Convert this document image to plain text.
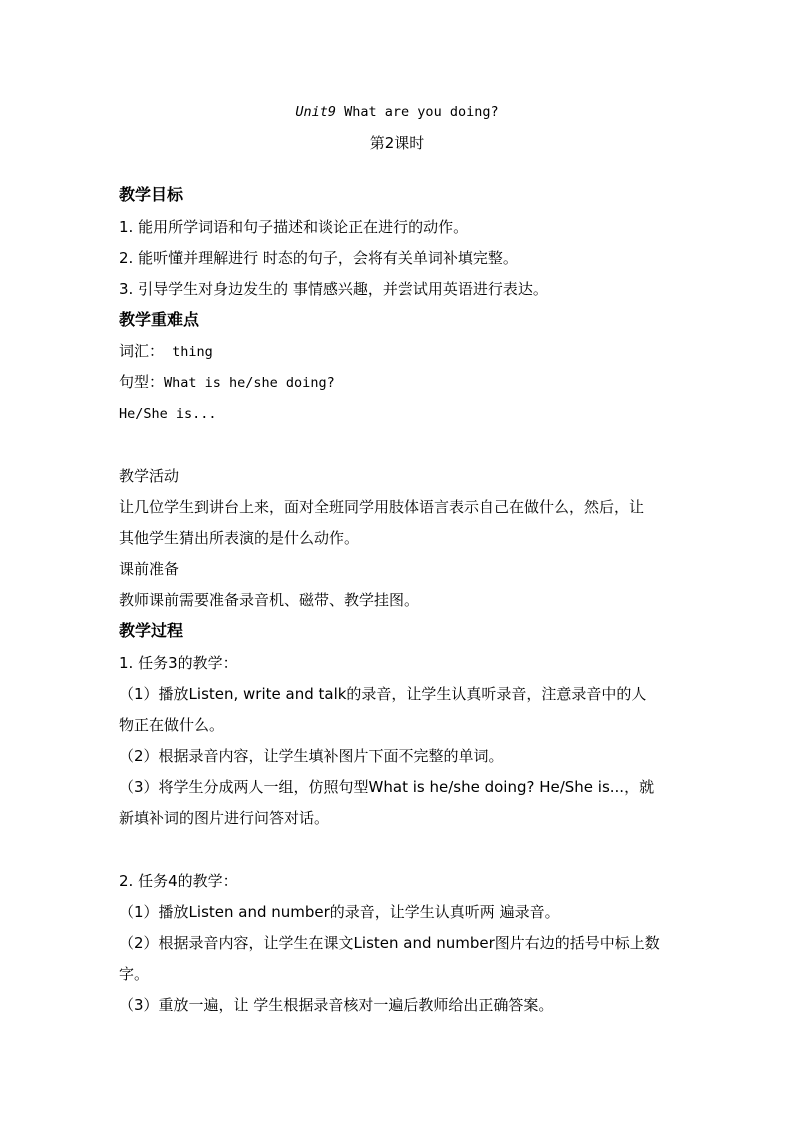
Unit9 What are you doing?
第2课时
教学目标
1. 能用所学词语和句子描述和谈论正在进行的动作。
2. 能听懂并理解进行 时态的句子，会将有关单词补填完整。
3. 引导学生对身边发生的 事情感兴趣，并尝试用英语进行表达。
教学重难点
词汇： thing
句型：What is he/she doing?
He/She is...
教学活动
让几位学生到讲台上来，面对全班同学用肢体语言表示自己在做什么，然后，让
其他学生猜出所表演的是什么动作。
课前准备
教师课前需要准备录音机、磁带、教学挂图。
教学过程
1. 任务3的教学：
（1）播放Listen, write and talk的录音，让学生认真听录音，注意录音中的人
物正在做什么。
（2）根据录音内容，让学生填补图片下面不完整的单词。
（3）将学生分成两人一组，仿照句型What is he/she doing? He/She is...，就
新填补词的图片进行问答对话。
2. 任务4的教学：
（1）播放Listen and number的录音，让学生认真听两 遍录音。
（2）根据录音内容，让学生在课文Listen and number图片右边的括号中标上数
字。
（3）重放一遍，让 学生根据录音核对一遍后教师给出正确答案。
